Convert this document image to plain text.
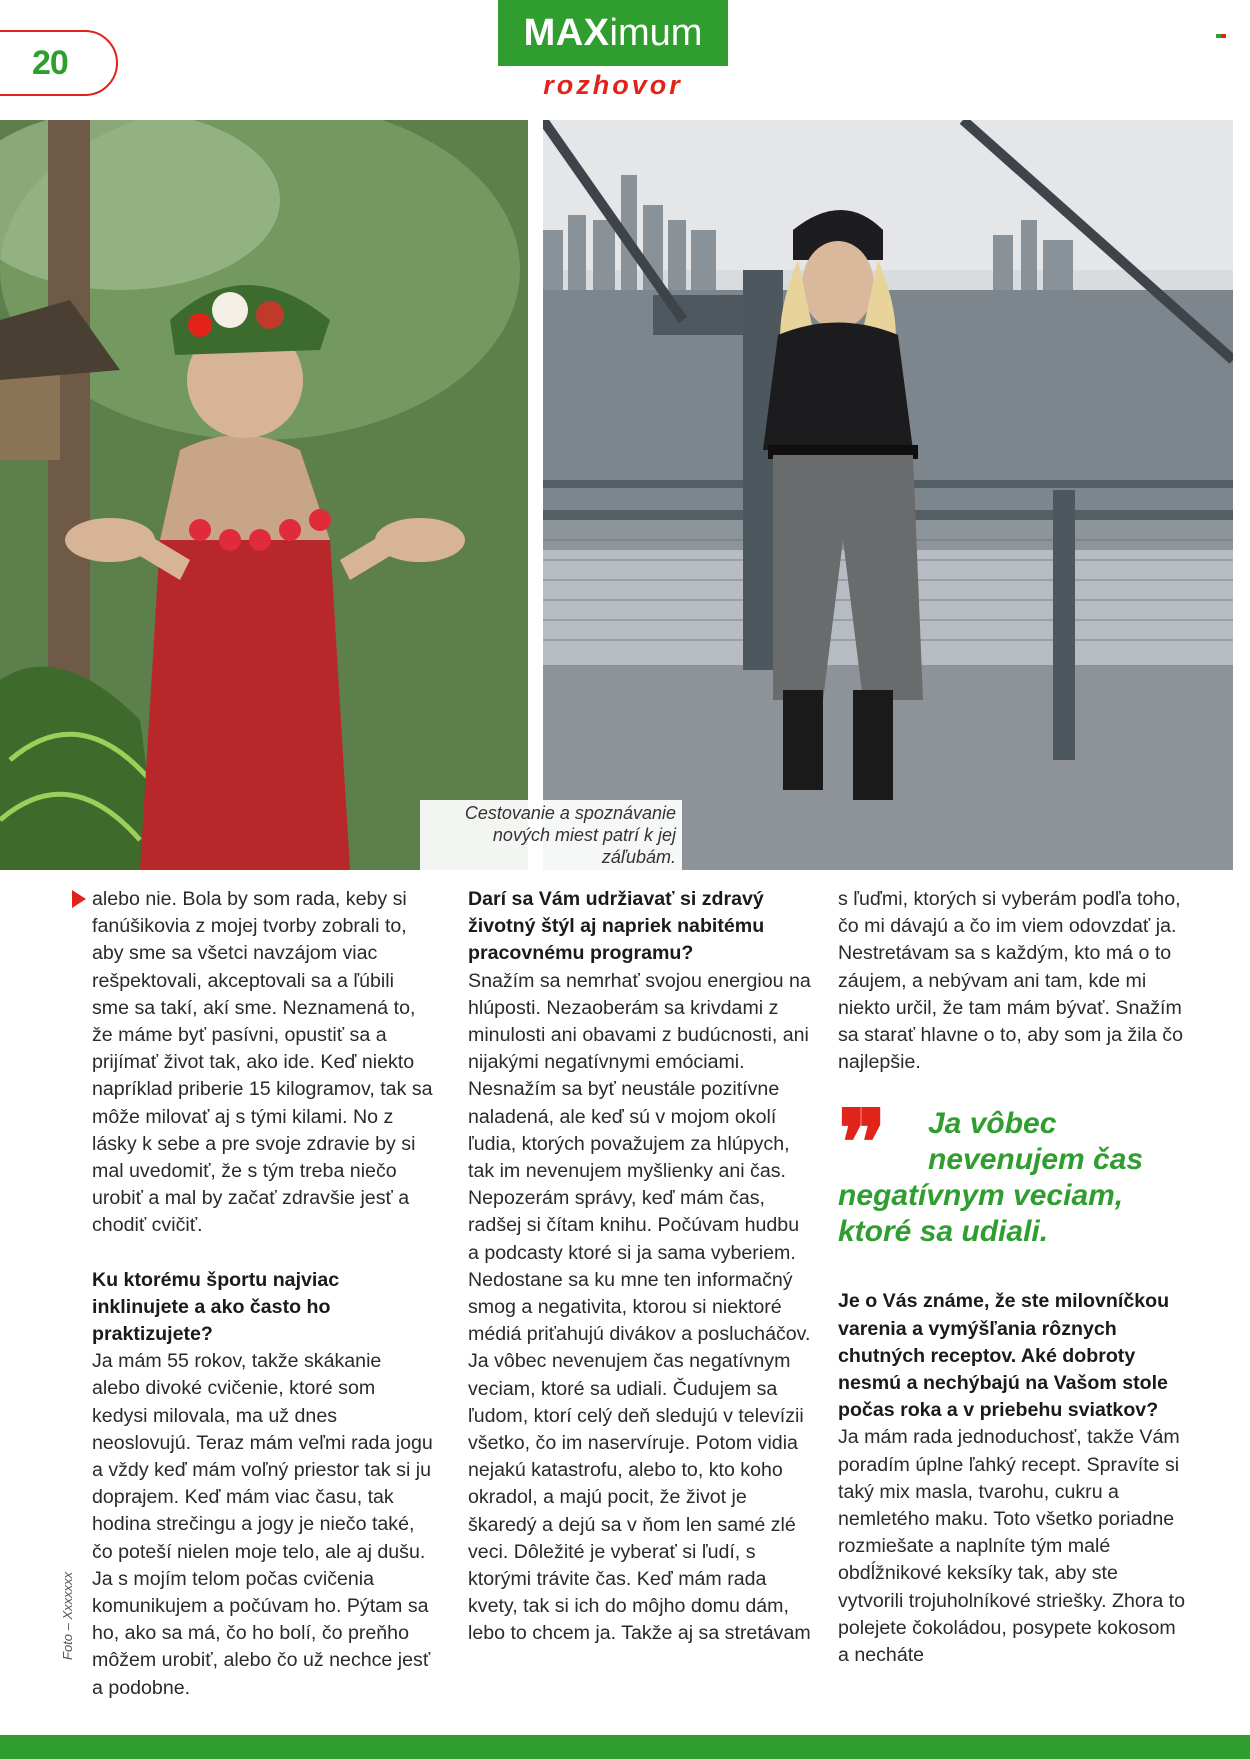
20
MAXimum
rozhovor
Cestovanie a spoznávanie nových miest patrí k jej záľubám.

alebo nie. Bola by som rada, keby si fanúšikovia z mojej tvorby zobrali to, aby sme sa všetci navzájom viac rešpektovali, akceptovali sa a ľúbili sme sa takí, akí sme. Neznamená to, že máme byť pasívni, opustiť sa a prijímať život tak, ako ide. Keď niekto napríklad priberie 15 kilogramov, tak sa môže milovať aj s tými kilami. No z lásky k sebe a pre svoje zdravie by si mal uvedomiť, že s tým treba niečo urobiť a mal by začať zdravšie jesť a chodiť cvičiť.

Ku ktorému športu najviac inklinujete a ako často ho praktizujete?

Ja mám 55 rokov, takže skákanie alebo divoké cvičenie, ktoré som kedysi milovala, ma už dnes neoslovujú. Teraz mám veľmi rada jogu a vždy keď mám voľný priestor tak si ju doprajem. Keď mám viac času, tak hodina strečingu a jogy je niečo také, čo poteší nielen moje telo, ale aj dušu. Ja s mojím telom počas cvičenia komunikujem a počúvam ho. Pýtam sa ho, ako sa má, čo ho bolí, čo preňho môžem urobiť, alebo čo už nechce jesť a podobne.

Darí sa Vám udržiavať si zdravý životný štýl aj napriek nabitému pracovnému programu?

Snažím sa nemrhať svojou energiou na hlúposti. Nezaoberám sa krivdami z minulosti ani obavami z budúcnosti, ani nijakými negatívnymi emóciami. Nesnažím sa byť neustále pozitívne naladená, ale keď sú v mojom okolí ľudia, ktorých považujem za hlúpych, tak im nevenujem myšlienky ani čas. Nepozerám správy, keď mám čas, radšej si čítam knihu. Počúvam hudbu a podcasty ktoré si ja sama vyberiem. Nedostane sa ku mne ten informačný smog a negativita, ktorou si niektoré médiá priťahujú divákov a poslucháčov. Ja vôbec nevenujem čas negatívnym veciam, ktoré sa udiali. Čudujem sa ľudom, ktorí celý deň sledujú v televízii všetko, čo im naservíruje. Potom vidia nejakú katastrofu, alebo to, kto koho okradol, a majú pocit, že život je škaredý a dejú sa v ňom len samé zlé veci. Dôležité je vyberať si ľudí, s ktorými trávite čas. Keď mám rada kvety, tak si ich do môjho domu dám, lebo to chcem ja. Takže aj sa stretávam

s ľuďmi, ktorých si vyberám podľa toho, čo mi dávajú a čo im viem odovzdať ja. Nestretávam sa s každým, kto má o to záujem, a nebývam ani tam, kde mi niekto určil, že tam mám bývať. Snažím sa starať hlavne o to, aby som ja žila čo najlepšie.

❞	Ja vôbec
nevenujem čas
negatívnym veciam,
ktoré sa udiali.

Je o Vás známe, že ste milovníčkou varenia a vymýšľania rôznych chutných receptov. Aké dobroty nesmú a nechýbajú na Vašom stole počas roka a v priebehu sviatkov?

Ja mám rada jednoduchosť, takže Vám poradím úplne ľahký recept. Spravíte si taký mix masla, tvarohu, cukru a nemletého maku. Toto všetko poriadne rozmiešate a naplníte tým malé obdĺžnikové keksíky tak, aby ste vytvorili trojuholníkové striešky. Zhora to polejete čokoládou, posypete kokosom a necháte

Foto – Xxxxxxx
